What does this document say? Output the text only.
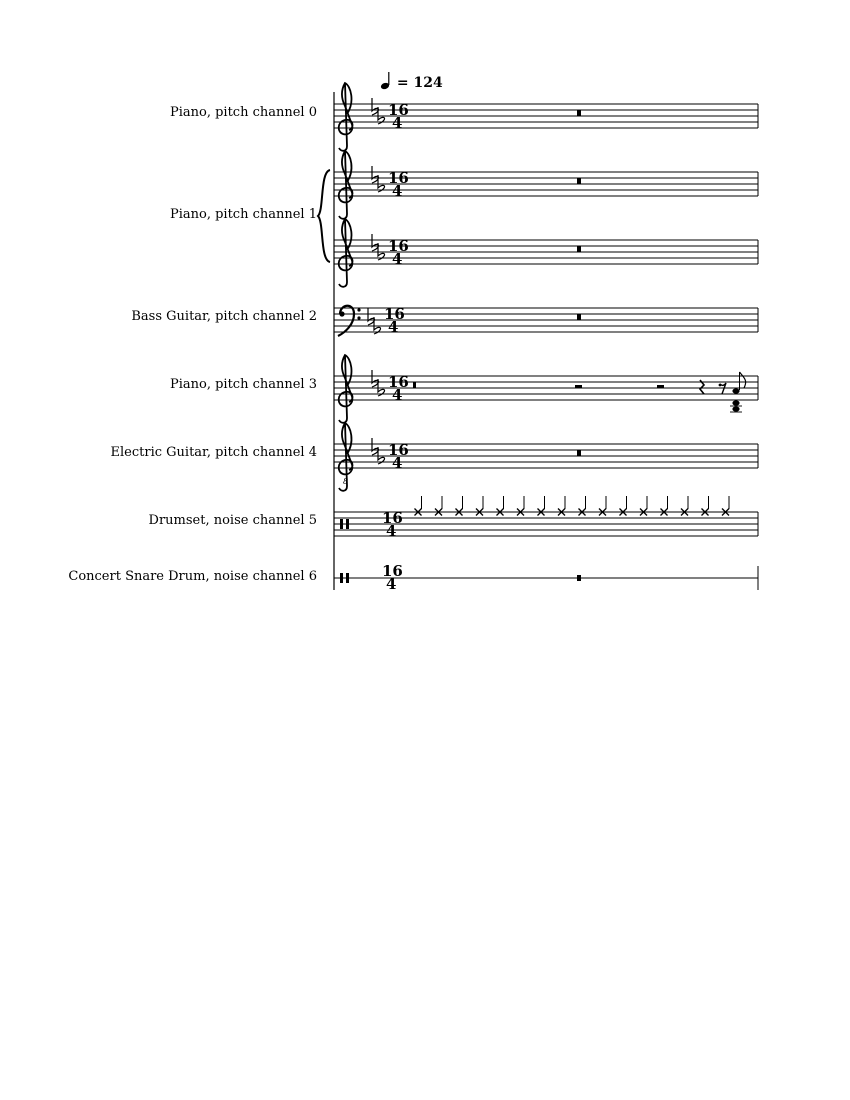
= 124
Piano, pitch channel 0
Piano, pitch channel 1
Bass Guitar, pitch channel 2
Piano, pitch channel 3
Electric Guitar, pitch channel 4
Drumset, noise channel 5
Concert Snare Drum, noise channel 6
16
4
16
4
16
4
16
4
16
4
8
16
4
16
4
16
4
